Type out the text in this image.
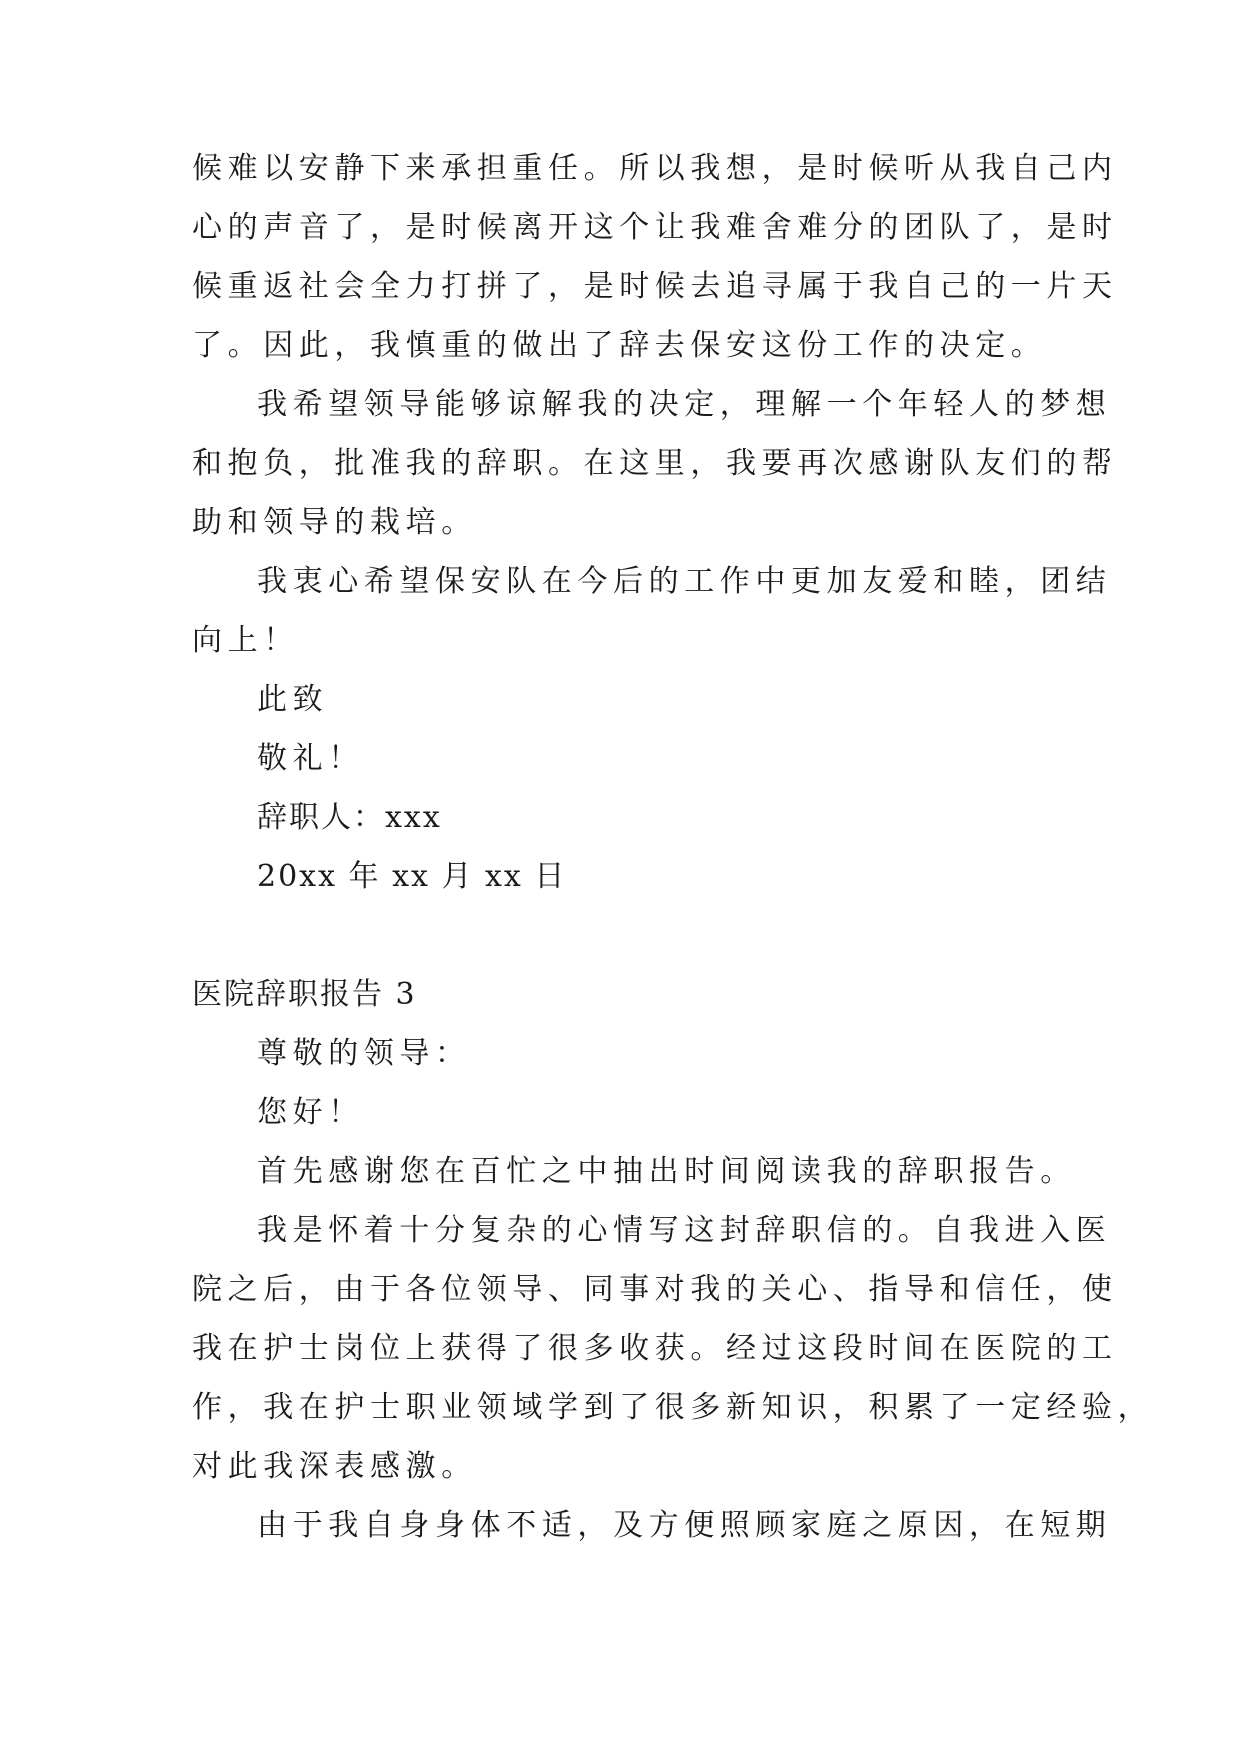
候难以安静下来承担重任。所以我想，是时候听从我自己内
心的声音了，是时候离开这个让我难舍难分的团队了，是时
候重返社会全力打拼了，是时候去追寻属于我自己的一片天
了。因此，我慎重的做出了辞去保安这份工作的决定。
我希望领导能够谅解我的决定，理解一个年轻人的梦想
和抱负，批准我的辞职。在这里，我要再次感谢队友们的帮
助和领导的栽培。
我衷心希望保安队在今后的工作中更加友爱和睦，团结
向上！
此致
敬礼！
辞职人：xxx
20xx 年 xx 月 xx 日
医院辞职报告 3
尊敬的领导：
您好！
首先感谢您在百忙之中抽出时间阅读我的辞职报告。
我是怀着十分复杂的心情写这封辞职信的。自我进入医
院之后，由于各位领导、同事对我的关心、指导和信任，使
我在护士岗位上获得了很多收获。经过这段时间在医院的工
作，我在护士职业领域学到了很多新知识，积累了一定经验，
对此我深表感激。
由于我自身身体不适，及方便照顾家庭之原因，在短期
